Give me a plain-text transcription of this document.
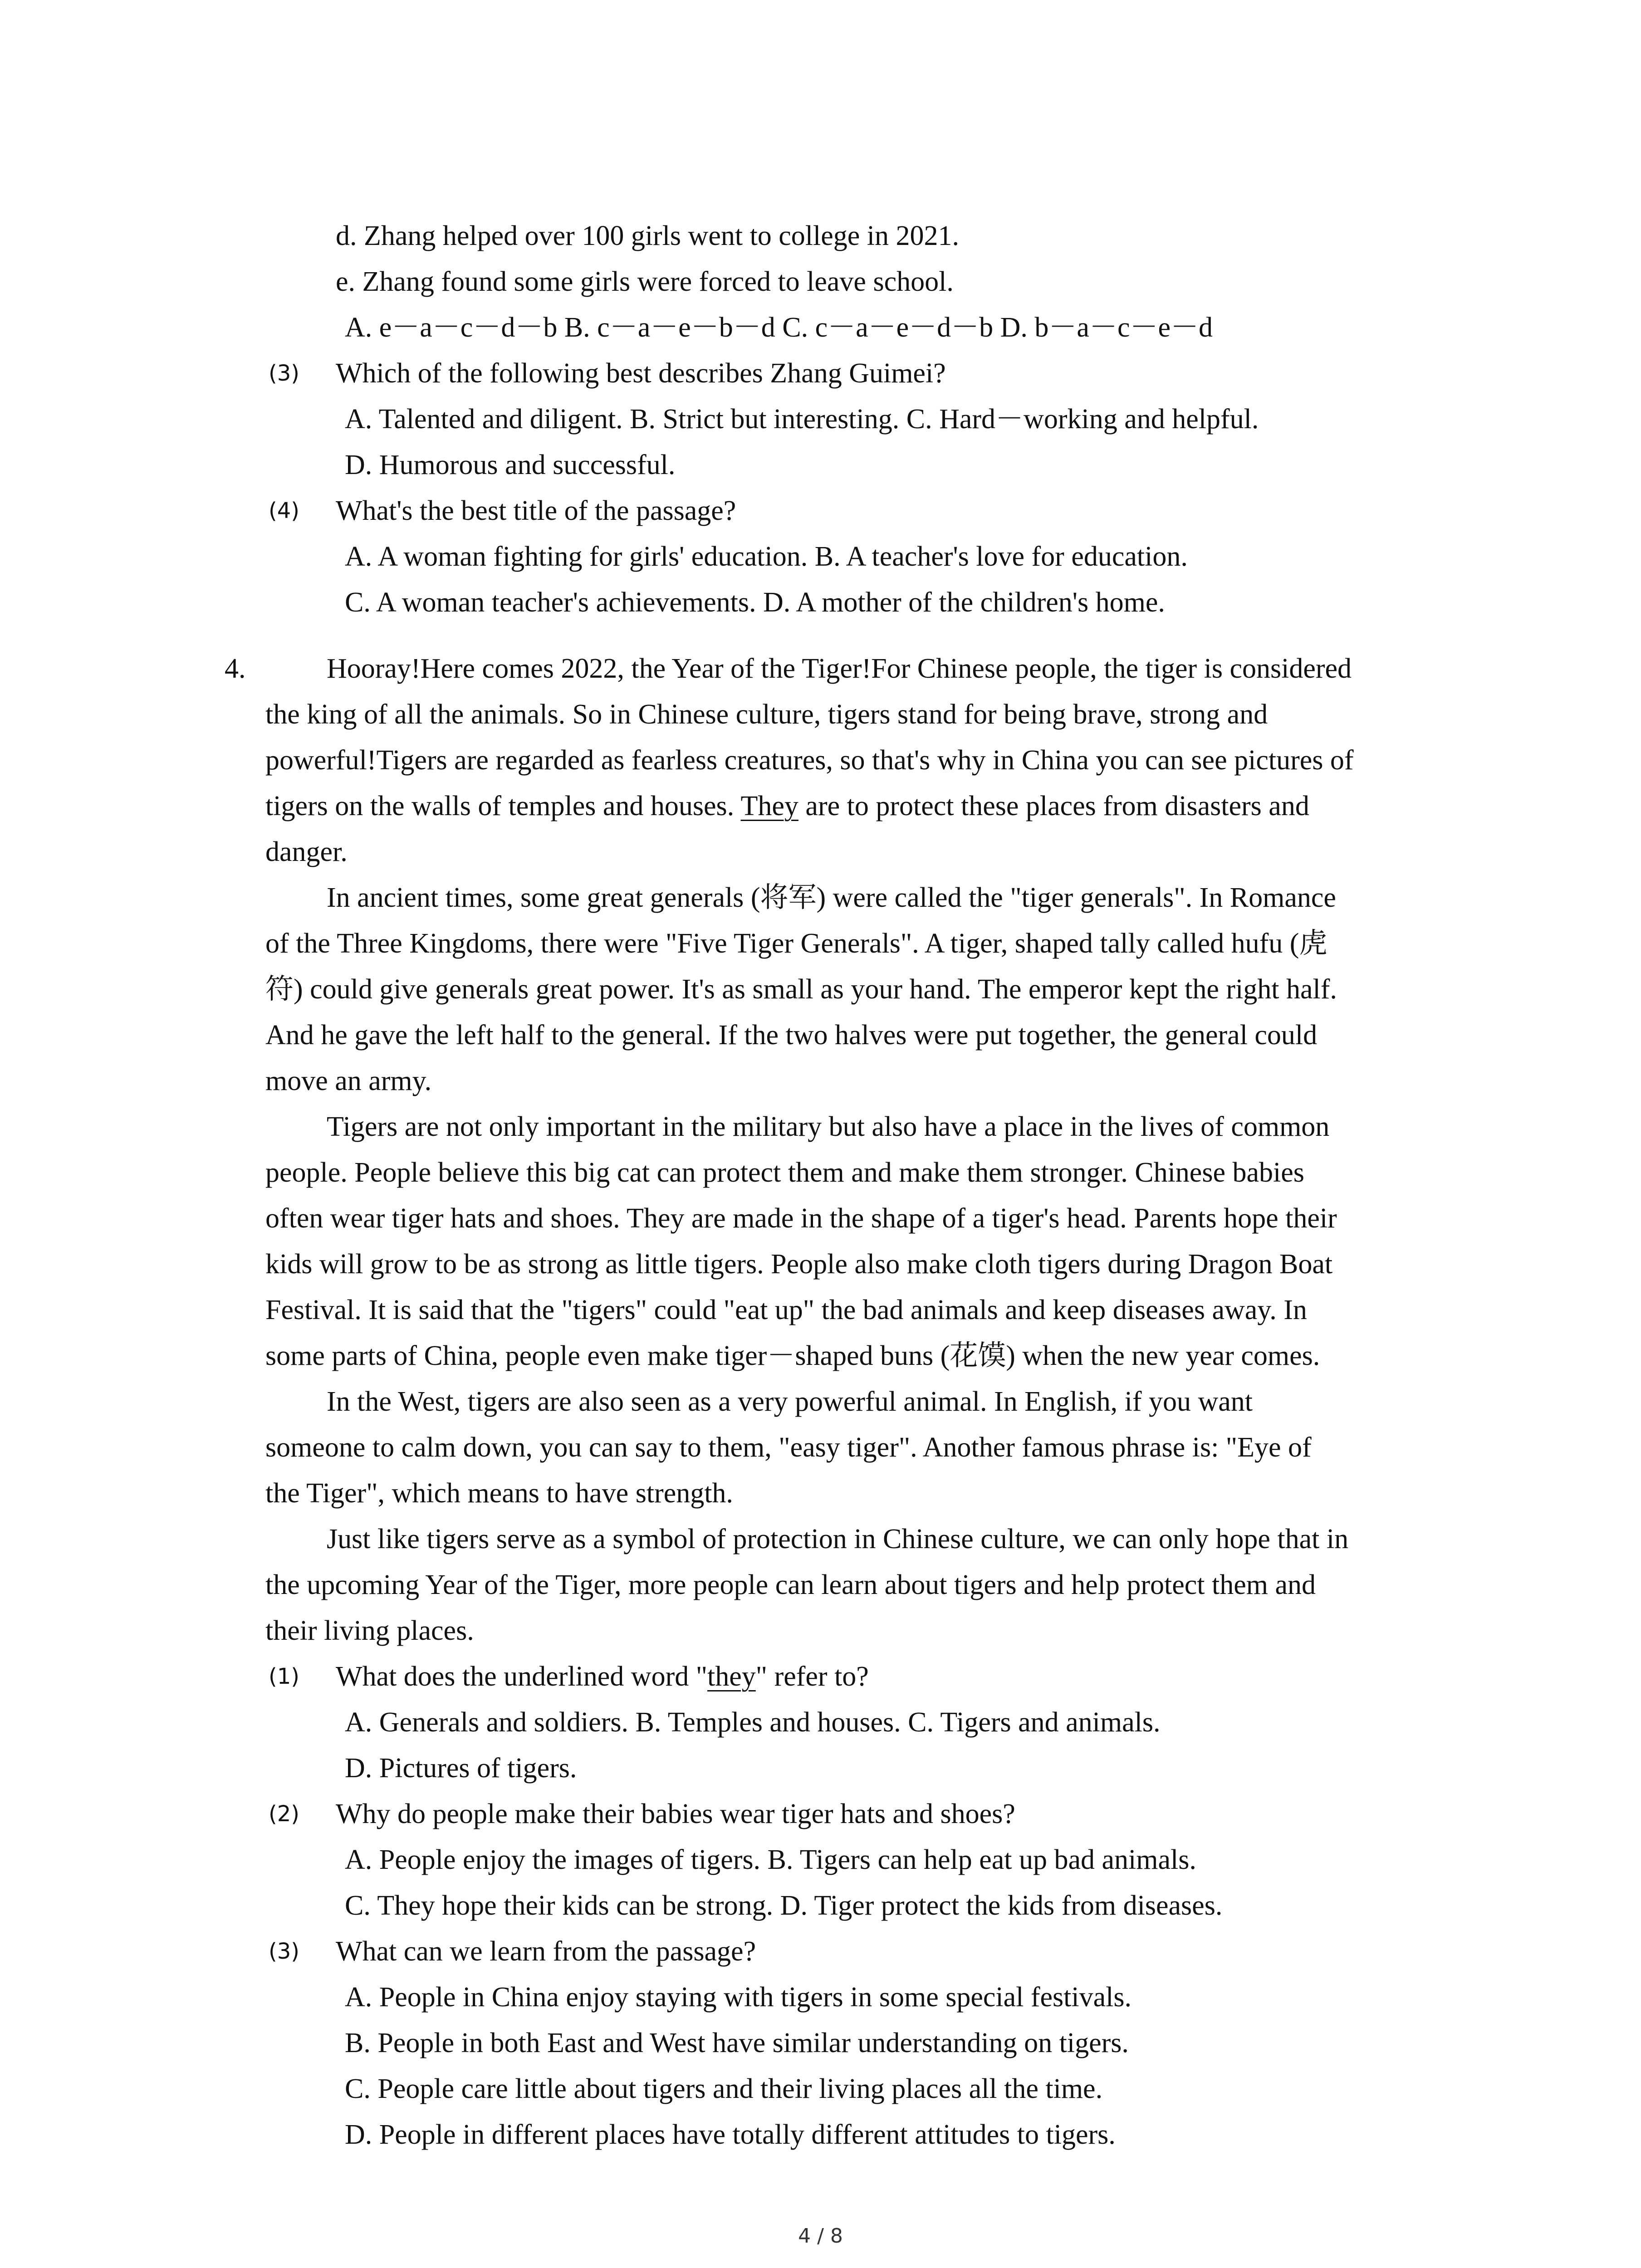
d. Zhang helped over 100 girls went to college in 2021.
e. Zhang found some girls were forced to leave school.
A. e－a－c－d－b B. c－a－e－b－d C. c－a－e－d－b D. b－a－c－e－d
(3) Which of the following best describes Zhang Guimei?
A. Talented and diligent. B. Strict but interesting. C. Hard－working and helpful.
D. Humorous and successful.
(4) What's the best title of the passage?
A. A woman fighting for girls' education. B. A teacher's love for education.
C. A woman teacher's achievements. D. A mother of the children's home.
4.	Hooray!Here comes 2022, the Year of the Tiger!For Chinese people, the tiger is considered
the king of all the animals. So in Chinese culture, tigers stand for being brave, strong and
powerful!Tigers are regarded as fearless creatures, so that's why in China you can see pictures of
tigers on the walls of temples and houses. They are to protect these places from disasters and
danger.
In ancient times, some great generals (将军) were called the "tiger generals". In Romance
of the Three Kingdoms, there were "Five Tiger Generals". A tiger, shaped tally called hufu (虎
符) could give generals great power. It's as small as your hand. The emperor kept the right half.
And he gave the left half to the general. If the two halves were put together, the general could
move an army.
Tigers are not only important in the military but also have a place in the lives of common
people. People believe this big cat can protect them and make them stronger. Chinese babies
often wear tiger hats and shoes. They are made in the shape of a tiger's head. Parents hope their
kids will grow to be as strong as little tigers. People also make cloth tigers during Dragon Boat
Festival. It is said that the "tigers" could "eat up" the bad animals and keep diseases away. In
some parts of China, people even make tiger－shaped buns (花馍) when the new year comes.
In the West, tigers are also seen as a very powerful animal. In English, if you want
someone to calm down, you can say to them, "easy tiger". Another famous phrase is: "Eye of
the Tiger", which means to have strength.
Just like tigers serve as a symbol of protection in Chinese culture, we can only hope that in
the upcoming Year of the Tiger, more people can learn about tigers and help protect them and
their living places.
(1) What does the underlined word "they" refer to?
A. Generals and soldiers. B. Temples and houses. C. Tigers and animals.
D. Pictures of tigers.
(2) Why do people make their babies wear tiger hats and shoes?
A. People enjoy the images of tigers. B. Tigers can help eat up bad animals.
C. They hope their kids can be strong. D. Tiger protect the kids from diseases.
(3) What can we learn from the passage?
A. People in China enjoy staying with tigers in some special festivals.
B. People in both East and West have similar understanding on tigers.
C. People care little about tigers and their living places all the time.
D. People in different places have totally different attitudes to tigers.
4 / 8
